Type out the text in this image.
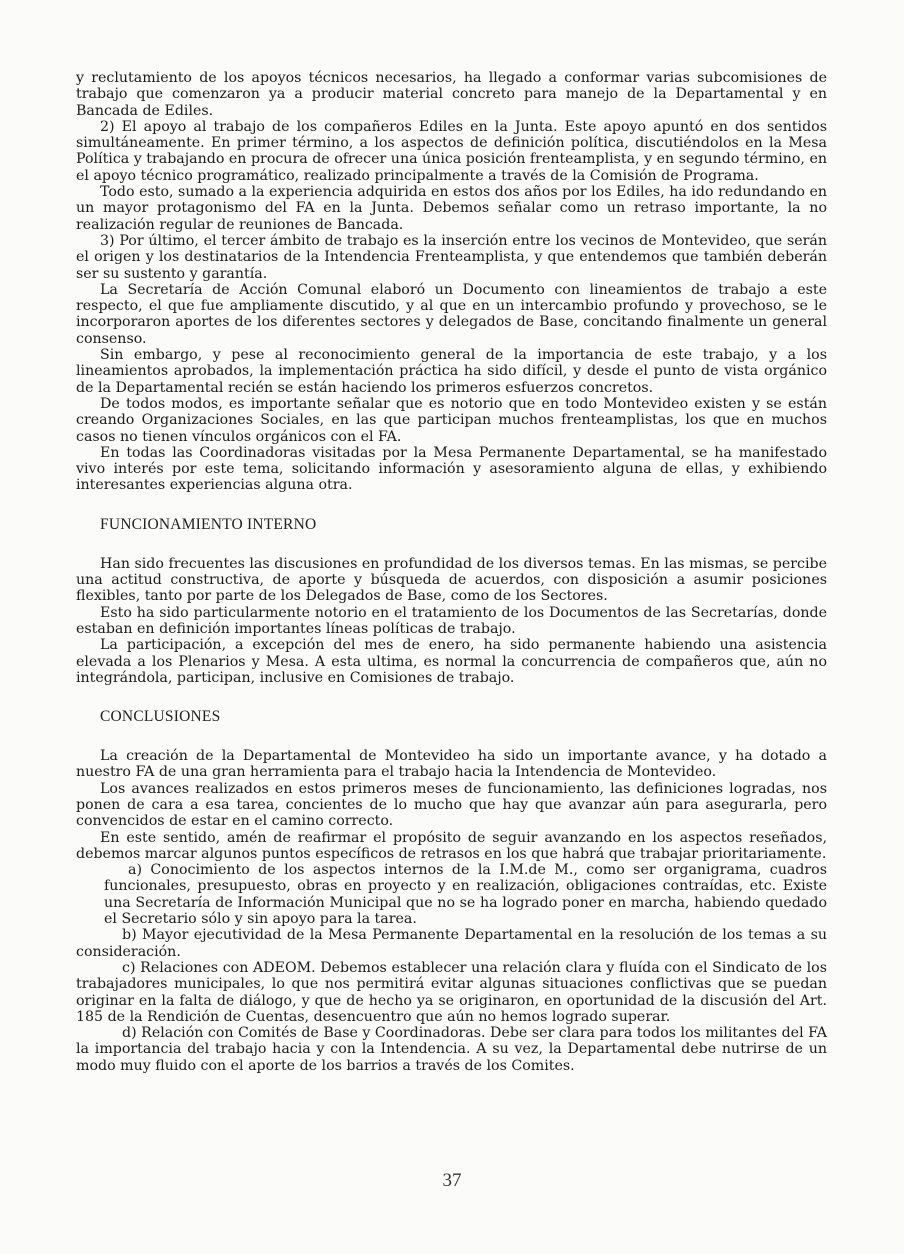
y reclutamiento de los apoyos técnicos necesarios, ha llegado a conformar varias subcomisiones de trabajo que comenzaron ya a producir material concreto para manejo de la Departamental y en Bancada de Ediles.

2) El apoyo al trabajo de los compañeros Ediles en la Junta. Este apoyo apuntó en dos sentidos simultáneamente. En primer término, a los aspectos de definición política, discutiéndolos en la Mesa Política y trabajando en procura de ofrecer una única posición frenteamplista, y en segundo término, en el apoyo técnico programático, realizado principalmente a través de la Comisión de Programa.

Todo esto, sumado a la experiencia adquirida en estos dos años por los Ediles, ha ido redundando en un mayor protagonismo del FA en la Junta. Debemos señalar como un retraso importante, la no realización regular de reuniones de Bancada.

3) Por último, el tercer ámbito de trabajo es la inserción entre los vecinos de Montevideo, que serán el origen y los destinatarios de la Intendencia Frenteamplista, y que entendemos que también deberán ser su sustento y garantía.

La Secretaría de Acción Comunal elaboró un Documento con lineamientos de trabajo a este respecto, el que fue ampliamente discutido, y al que en un intercambio profundo y provechoso, se le incorporaron aportes de los diferentes sectores y delegados de Base, concitando finalmente un general consenso.

Sin embargo, y pese al reconocimiento general de la importancia de este trabajo, y a los lineamientos aprobados, la implementación práctica ha sido difícil, y desde el punto de vista orgánico de la Departamental recién se están haciendo los primeros esfuerzos concretos.

De todos modos, es importante señalar que es notorio que en todo Montevideo existen y se están creando Organizaciones Sociales, en las que participan muchos frenteamplistas, los que en muchos casos no tienen vínculos orgánicos con el FA.

En todas las Coordinadoras visitadas por la Mesa Permanente Departamental, se ha manifestado vivo interés por este tema, solicitando información y asesoramiento alguna de ellas, y exhibiendo interesantes experiencias alguna otra.

FUNCIONAMIENTO INTERNO

Han sido frecuentes las discusiones en profundidad de los diversos temas. En las mismas, se percibe una actitud constructiva, de aporte y búsqueda de acuerdos, con disposición a asumir posiciones flexibles, tanto por parte de los Delegados de Base, como de los Sectores.

Esto ha sido particularmente notorio en el tratamiento de los Documentos de las Secretarías, donde estaban en definición importantes líneas políticas de trabajo.

La participación, a excepción del mes de enero, ha sido permanente habiendo una asistencia elevada a los Plenarios y Mesa. A esta ultima, es normal la concurrencia de compañeros que, aún no integrándola, participan, inclusive en Comisiones de trabajo.

CONCLUSIONES

La creación de la Departamental de Montevideo ha sido un importante avance, y ha dotado a nuestro FA de una gran herramienta para el trabajo hacia la Intendencia de Montevideo.

Los avances realizados en estos primeros meses de funcionamiento, las definiciones logradas, nos ponen de cara a esa tarea, concientes de lo mucho que hay que avanzar aún para asegurarla, pero convencidos de estar en el camino correcto.

En este sentido, amén de reafirmar el propósito de seguir avanzando en los aspectos reseñados, debemos marcar algunos puntos específicos de retrasos en los que habrá que trabajar prioritariamente.

a) Conocimiento de los aspectos internos de la I.M.de M., como ser organigrama, cuadros funcionales, presupuesto, obras en proyecto y en realización, obligaciones contraídas, etc. Existe una Secretaría de Información Municipal que no se ha logrado poner en marcha, habiendo quedado el Secretario sólo y sin apoyo para la tarea.

b) Mayor ejecutividad de la Mesa Permanente Departamental en la resolución de los temas a su consideración.

c) Relaciones con ADEOM. Debemos establecer una relación clara y fluída con el Sindicato de los trabajadores municipales, lo que nos permitirá evitar algunas situaciones conflictivas que se puedan originar en la falta de diálogo, y que de hecho ya se originaron, en oportunidad de la discusión del Art. 185 de la Rendición de Cuentas, desencuentro que aún no hemos logrado superar.

d) Relación con Comités de Base y Coordinadoras. Debe ser clara para todos los militantes del FA la importancia del trabajo hacia y con la Intendencia. A su vez, la Departamental debe nutrirse de un modo muy fluido con el aporte de los barrios a través de los Comites.

37
